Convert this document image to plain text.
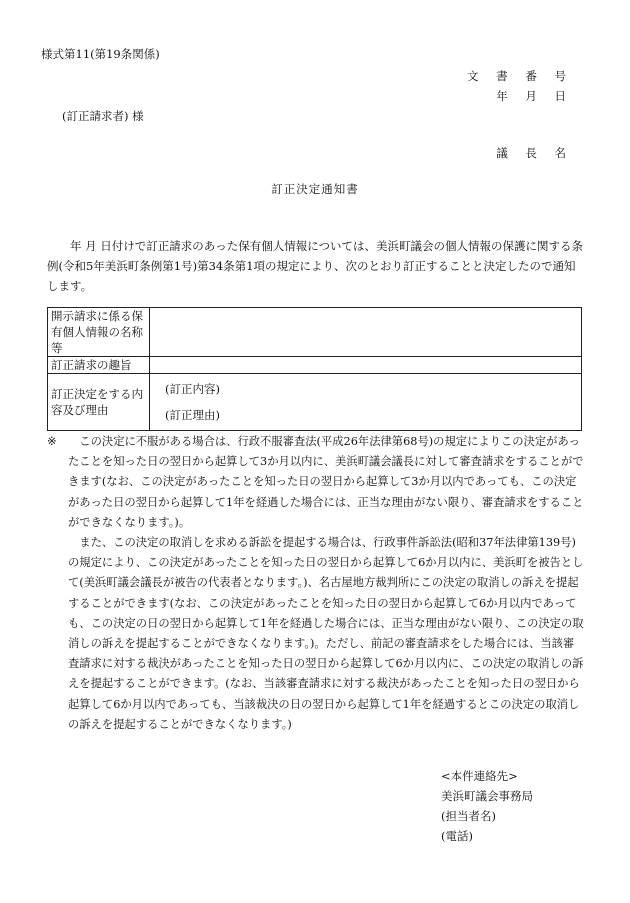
様式第11(第19条関係)
文 書 番 号
年 月 日
(訂正請求者) 様
議 長 名
訂正決定通知書

年 月 日付けで訂正請求のあった保有個人情報については、美浜町議会の個人情報の保護に関する条例(令和5年美浜町条例第1号)第34条第1項の規定により、次のとおり訂正することと決定したので通知します。

開示請求に係る保有個人情報の名称等	
訂正請求の趣旨	
訂正決定をする内容及び理由	(訂正内容)
(訂正理由)
※	この決定に不服がある場合は、行政不服審査法(平成26年法律第68号)の規定によりこの決定があったことを知った日の翌日から起算して3か月以内に、美浜町議会議長に対して審査請求をすることができます(なお、この決定があったことを知った日の翌日から起算して3か月以内であっても、この決定があった日の翌日から起算して1年を経過した場合には、正当な理由がない限り、審査請求をすることができなくなります。)。

また、この決定の取消しを求める訴訟を提起する場合は、行政事件訴訟法(昭和37年法律第139号)の規定により、この決定があったことを知った日の翌日から起算して6か月以内に、美浜町を被告として(美浜町議会議長が被告の代表者となります。)、名古屋地方裁判所にこの決定の取消しの訴えを提起することができます(なお、この決定があったことを知った日の翌日から起算して6か月以内であっても、この決定の日の翌日から起算して1年を経過した場合には、正当な理由がない限り、この決定の取消しの訴えを提起することができなくなります。)。ただし、前記の審査請求をした場合には、当該審査請求に対する裁決があったことを知った日の翌日から起算して6か月以内に、この決定の取消しの訴えを提起することができます。(なお、当該審査請求に対する裁決があったことを知った日の翌日から起算して6か月以内であっても、当該裁決の日の翌日から起算して1年を経過するとこの決定の取消しの訴えを提起することができなくなります。)

<本件連絡先>
美浜町議会事務局
(担当者名)
(電話)
